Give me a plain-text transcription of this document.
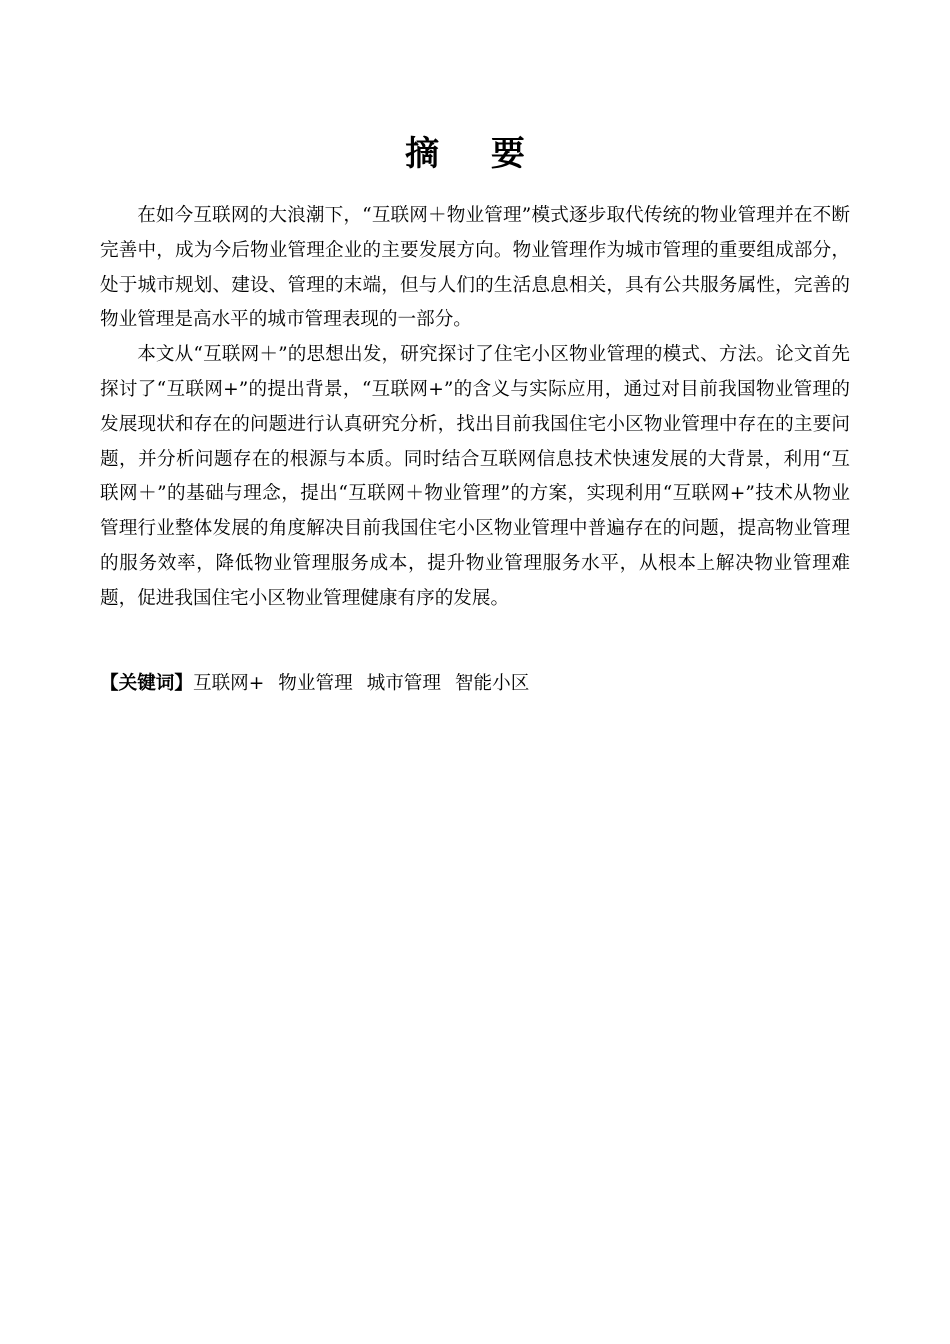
摘 要

在如今互联网的大浪潮下，“互联网＋物业管理”模式逐步取代传统的物业管理并在不断完善中，成为今后物业管理企业的主要发展方向。物业管理作为城市管理的重要组成部分，处于城市规划、建设、管理的末端，但与人们的生活息息相关，具有公共服务属性，完善的物业管理是高水平的城市管理表现的一部分。

本文从“互联网＋”的思想出发，研究探讨了住宅小区物业管理的模式、方法。论文首先探讨了“互联网+”的提出背景，“互联网+”的含义与实际应用，通过对目前我国物业管理的发展现状和存在的问题进行认真研究分析，找出目前我国住宅小区物业管理中存在的主要问题，并分析问题存在的根源与本质。同时结合互联网信息技术快速发展的大背景，利用“互联网＋”的基础与理念，提出“互联网＋物业管理”的方案，实现利用“互联网+”技术从物业管理行业整体发展的角度解决目前我国住宅小区物业管理中普遍存在的问题，提高物业管理的服务效率，降低物业管理服务成本，提升物业管理服务水平，从根本上解决物业管理难题，促进我国住宅小区物业管理健康有序的发展。

【关键词】互联网+ 物业管理 城市管理 智能小区
